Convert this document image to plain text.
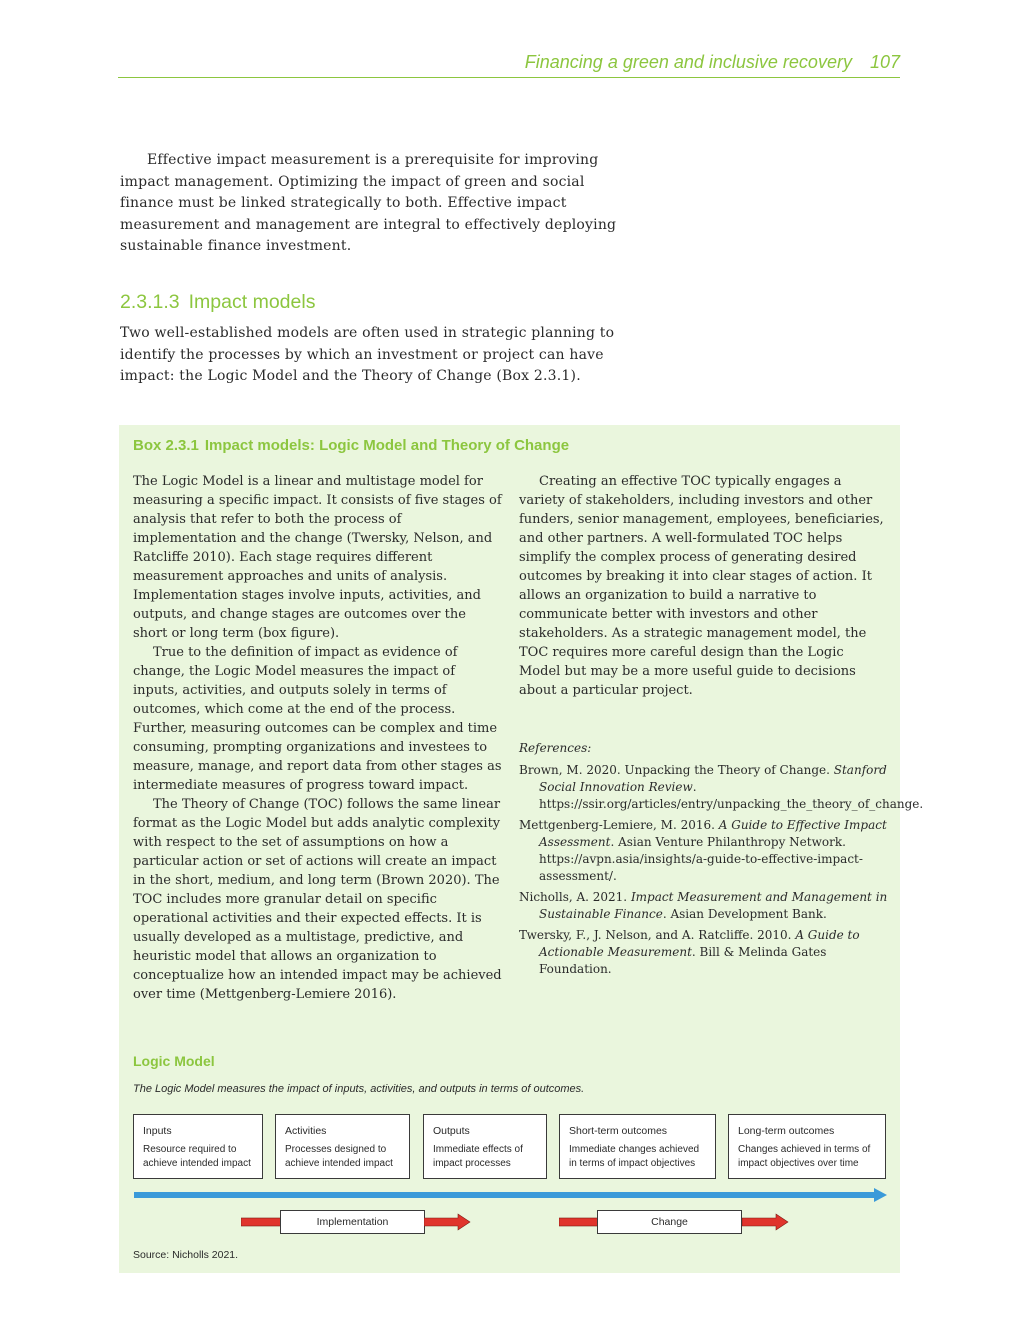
Financing a green and inclusive recovery 107

Effective impact measurement is a prerequisite for improving impact management. Optimizing the impact of green and social finance must be linked strategically to both. Effective impact measurement and management are integral to effectively deploying sustainable finance investment.

2.3.1.3 Impact models

Two well-established models are often used in strategic planning to identify the processes by which an investment or project can have impact: the Logic Model and the Theory of Change (Box 2.3.1).

Box 2.3.1 Impact models: Logic Model and Theory of Change

The Logic Model is a linear and multistage model for measuring a specific impact. It consists of five stages of analysis that refer to both the process of implementation and the change (Twersky, Nelson, and Ratcliffe 2010). Each stage requires different measurement approaches and units of analysis. Implementation stages involve inputs, activities, and outputs, and change stages are outcomes over the short or long term (box figure).

True to the definition of impact as evidence of change, the Logic Model measures the impact of inputs, activities, and outputs solely in terms of outcomes, which come at the end of the process. Further, measuring outcomes can be complex and time consuming, prompting organizations and investees to measure, manage, and report data from other stages as intermediate measures of progress toward impact.

The Theory of Change (TOC) follows the same linear format as the Logic Model but adds analytic complexity with respect to the set of assumptions on how a particular action or set of actions will create an impact in the short, medium, and long term (Brown 2020). The TOC includes more granular detail on specific operational activities and their expected effects. It is usually developed as a multistage, predictive, and heuristic model that allows an organization to conceptualize how an intended impact may be achieved over time (Mettgenberg-Lemiere 2016).

Creating an effective TOC typically engages a variety of stakeholders, including investors and other funders, senior management, employees, beneficiaries, and other partners. A well-formulated TOC helps simplify the complex process of generating desired outcomes by breaking it into clear stages of action. It allows an organization to build a narrative to communicate better with investors and other stakeholders. As a strategic management model, the TOC requires more careful design than the Logic Model but may be a more useful guide to decisions about a particular project.

References:

Brown, M. 2020. Unpacking the Theory of Change. Stanford Social Innovation Review. https://ssir.org/articles/entry/unpacking_the_theory_of_change.
Mettgenberg-Lemiere, M. 2016. A Guide to Effective Impact Assessment. Asian Venture Philanthropy Network. https://avpn.asia/insights/a-guide-to-effective-impact-assessment/.
Nicholls, A. 2021. Impact Measurement and Management in Sustainable Finance. Asian Development Bank.
Twersky, F., J. Nelson, and A. Ratcliffe. 2010. A Guide to Actionable Measurement. Bill & Melinda Gates Foundation.

Logic Model

The Logic Model measures the impact of inputs, activities, and outputs in terms of outcomes.

Inputs
Resource required to achieve intended impact
Activities
Processes designed to achieve intended impact
Outputs
Immediate effects of impact processes
Short-term outcomes
Immediate changes achieved in terms of impact objectives
Long-term outcomes
Changes achieved in terms of impact objectives over time
Implementation	Change

Source: Nicholls 2021.
